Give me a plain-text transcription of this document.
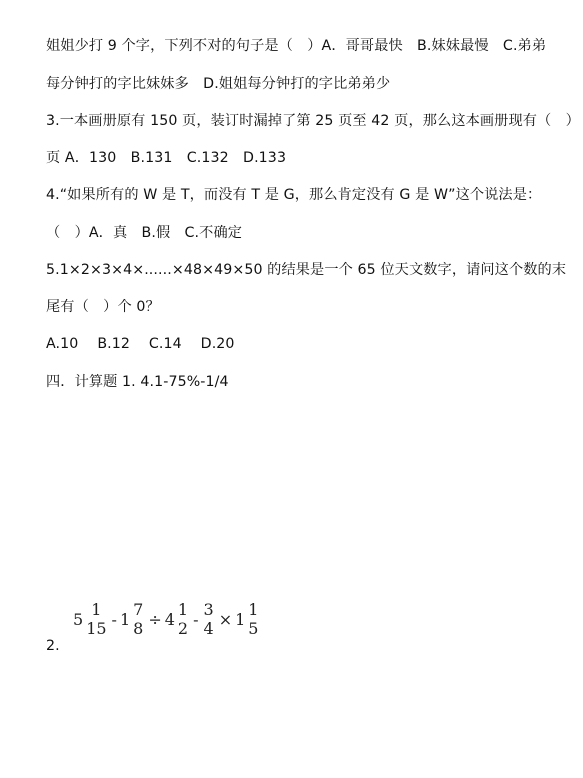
姐姐少打 9 个字，下列不对的句子是（　）A．哥哥最快　B.妹妹最慢　C.弟弟
每分钟打的字比妹妹多　D.姐姐每分钟打的字比弟弟少
3.一本画册原有 150 页，装订时漏掉了第 25 页至 42 页，那么这本画册现有（　）
页 A．130　B.131　C.132　D.133
4.“如果所有的 W 是 T，而没有 T 是 G，那么肯定没有 G 是 W”这个说法是：
（　）A．真　B.假　C.不确定
5.1×2×3×4×......×48×49×50 的结果是一个 65 位天文数字，请问这个数的末
尾有（　）个 0？
A.10　 B.12　 C.14　 D.20
四．计算题 1. 4.1-75%-1/4
5 1
15 - 1 7
8 ÷ 4 1
2 - 3
4 × 1 1
5
2.
